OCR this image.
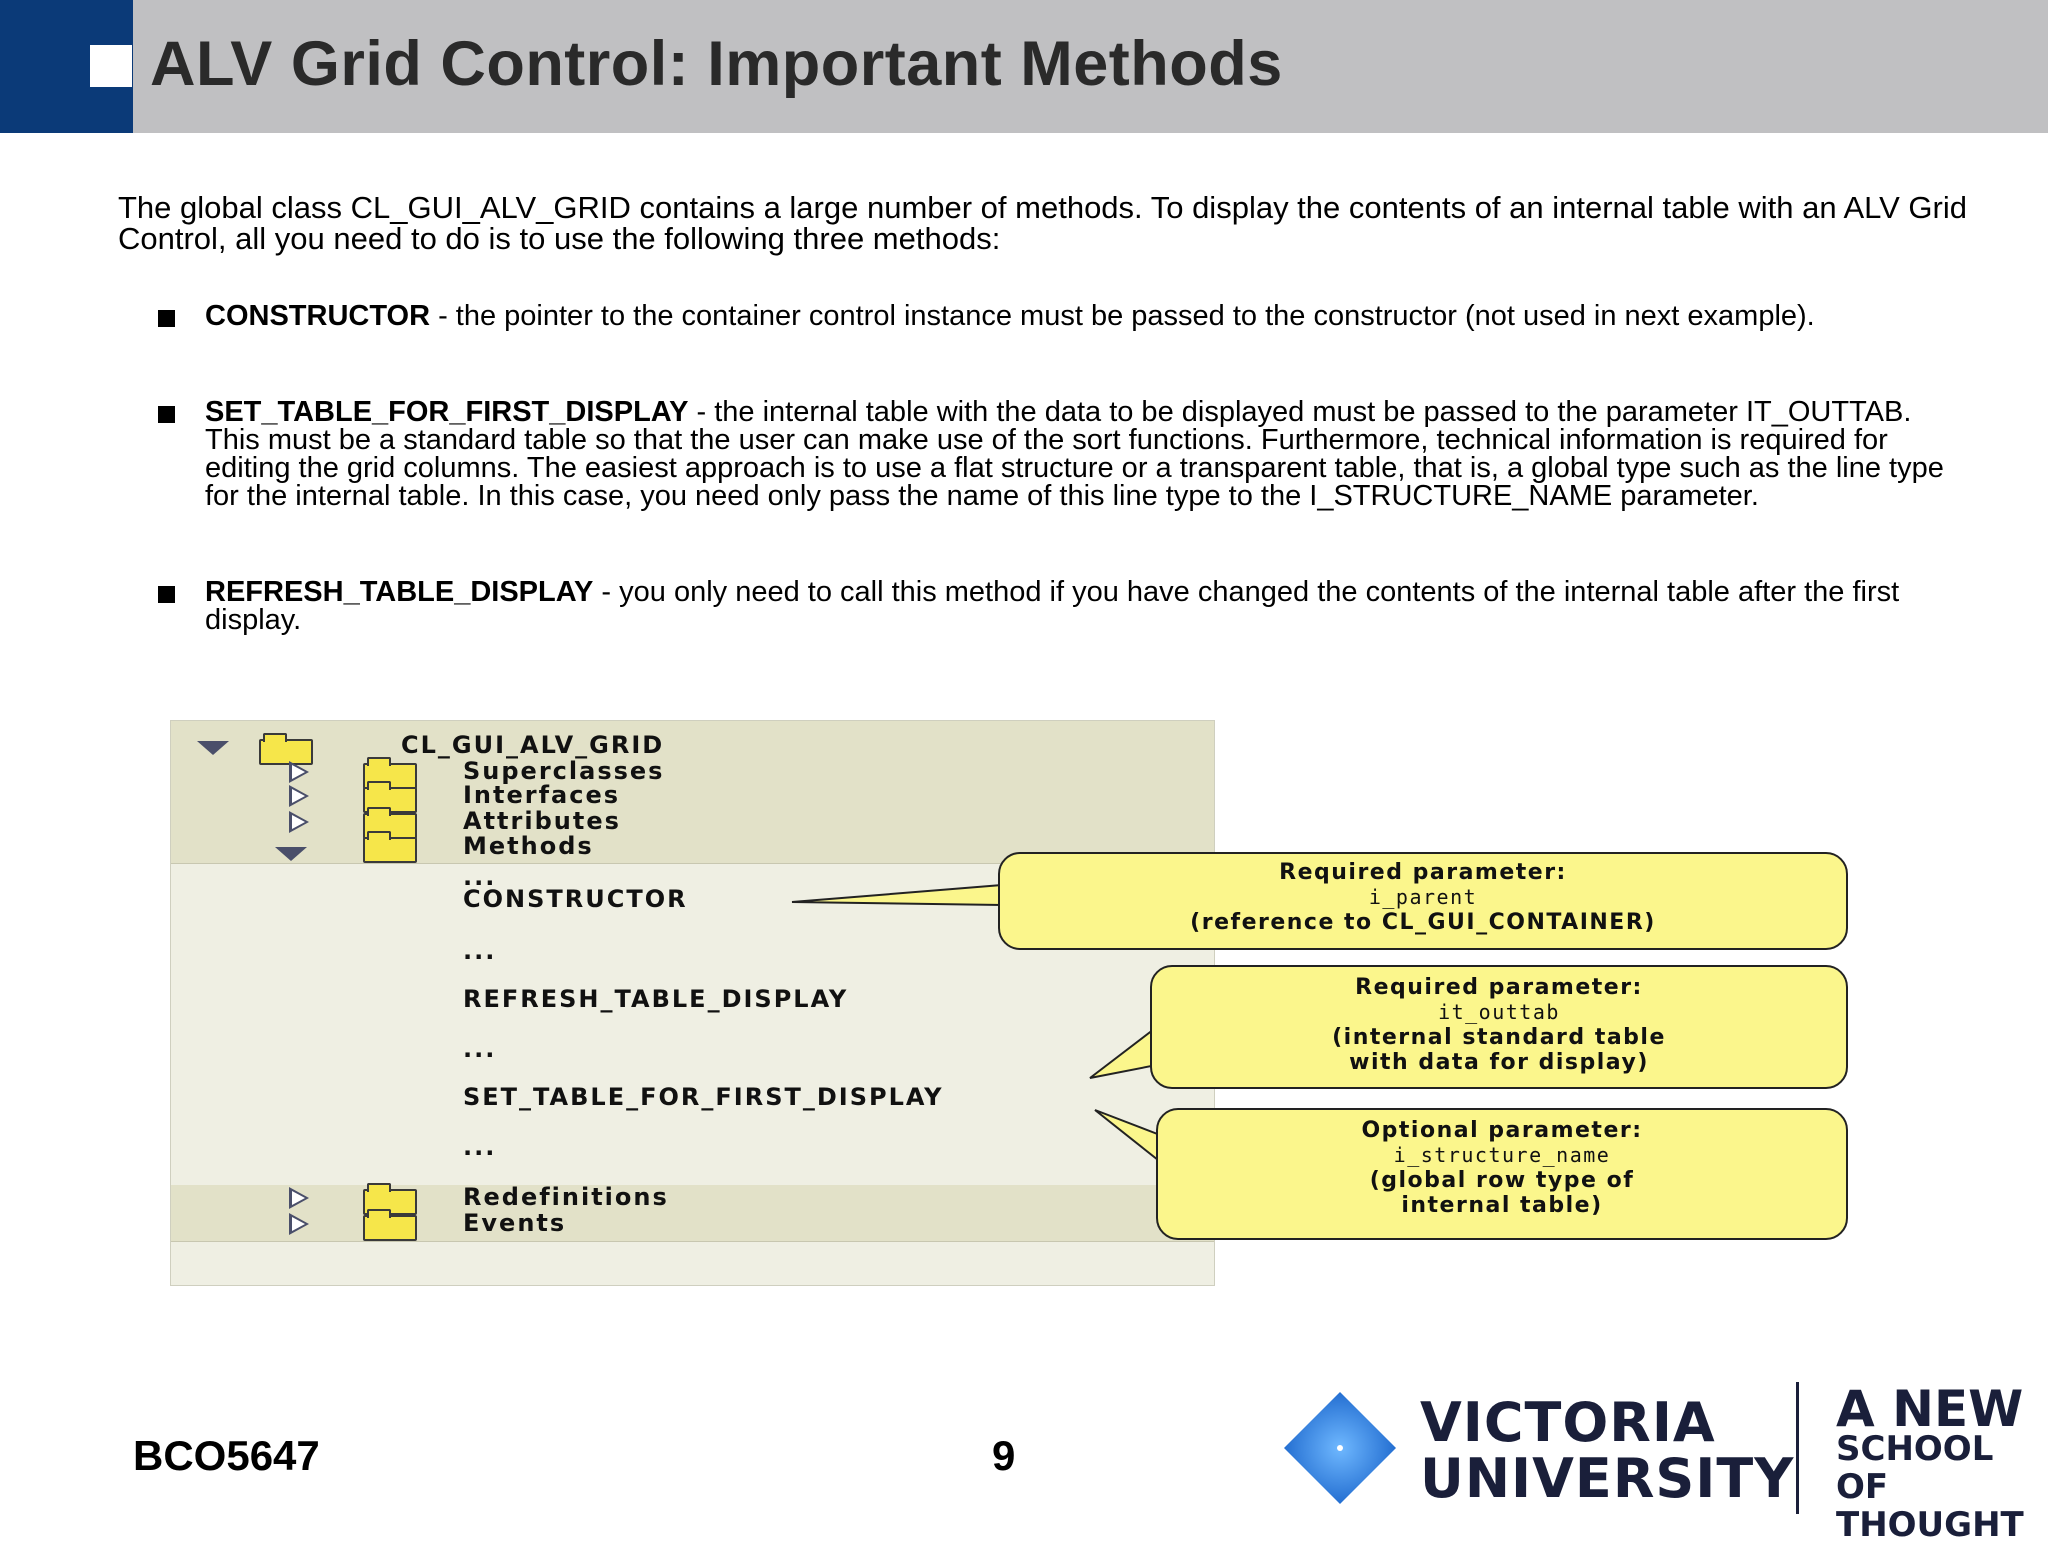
ALV Grid Control: Important Methods
The global class CL_GUI_ALV_GRID contains a large number of methods. To display the contents of an internal table with an ALV Grid Control, all you need to do is to use the following three methods:
CONSTRUCTOR - the pointer to the container control instance must be passed to the constructor (not used in next example).
SET_TABLE_FOR_FIRST_DISPLAY - the internal table with the data to be displayed must be passed to the parameter IT_OUTTAB. This must be a standard table so that the user can make use of the sort functions. Furthermore, technical information is required for editing the grid columns. The easiest approach is to use a flat structure or a transparent table, that is, a global type such as the line type for the internal table. In this case, you need only pass the name of this line type to the I_STRUCTURE_NAME parameter.
REFRESH_TABLE_DISPLAY - you only need to call this method if you have changed the contents of the internal table after the first display.
CL_GUI_ALV_GRID
Superclasses
Interfaces
Attributes
Methods
...
CONSTRUCTOR
...
REFRESH_TABLE_DISPLAY
...
SET_TABLE_FOR_FIRST_DISPLAY
...
Redefinitions
Events
Required parameter:
i_parent
(reference to CL_GUI_CONTAINER)
Required parameter:
it_outtab
(internal standard table
with data for display)
Optional parameter:
i_structure_name
(global row type of
internal table)
BCO5647	9
VICTORIA
UNIVERSITY
A NEW
SCHOOL OF
THOUGHT
